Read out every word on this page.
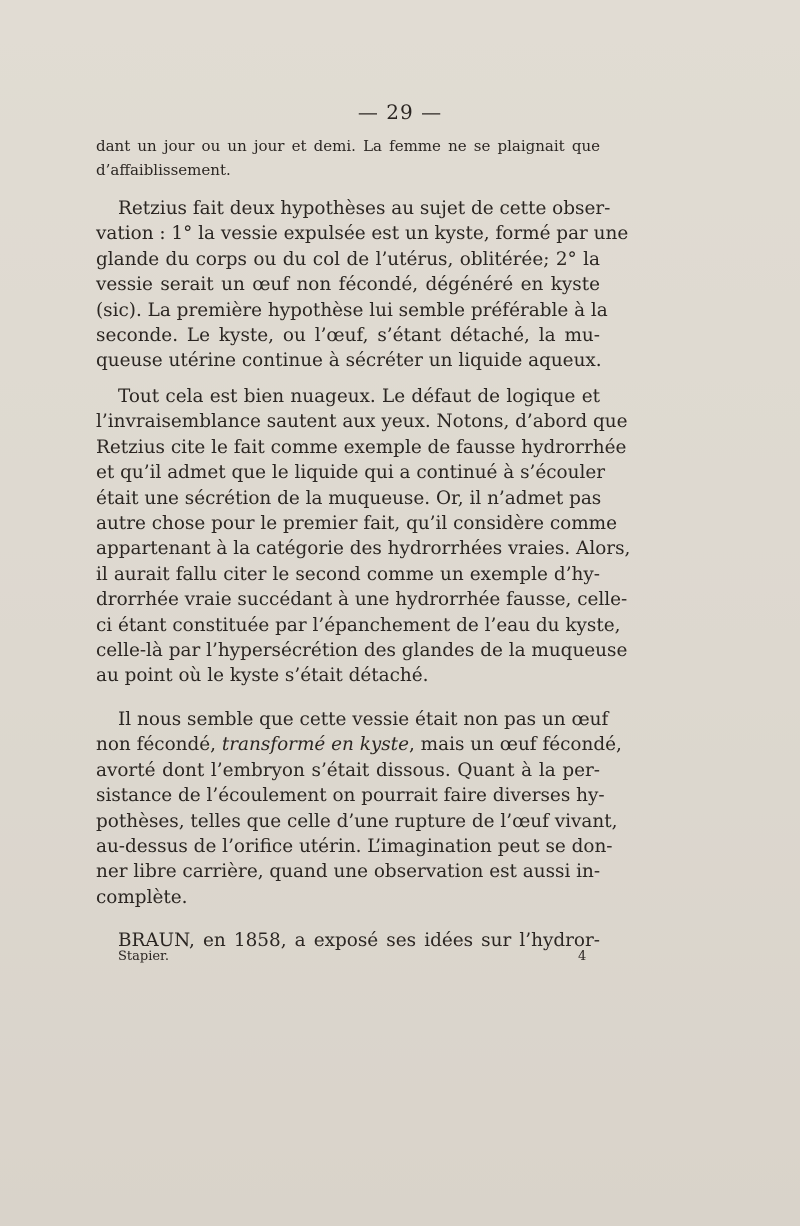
— 29 —
dant un jour ou un jour et demi. La femme ne se plaignait que
d’affaiblissement.
Retzius fait deux hypothèses au sujet de cette obser-
vation : 1° la vessie expulsée est un kyste, formé par une
glande du corps ou du col de l’utérus, oblitérée; 2° la
vessie serait un œuf non fécondé, dégénéré en kyste
(sic). La première hypothèse lui semble préférable à la
seconde. Le kyste, ou l’œuf, s’étant détaché, la mu-
queuse utérine continue à sécréter un liquide aqueux.
Tout cela est bien nuageux. Le défaut de logique et
l’invraisemblance sautent aux yeux. Notons, d’abord que
Retzius cite le fait comme exemple de fausse hydrorrhée
et qu’il admet que le liquide qui a continué à s’écouler
était une sécrétion de la muqueuse. Or, il n’admet pas
autre chose pour le premier fait, qu’il considère comme
appartenant à la catégorie des hydrorrhées vraies. Alors,
il aurait fallu citer le second comme un exemple d’hy-
drorrhée vraie succédant à une hydrorrhée fausse, celle-
ci étant constituée par l’épanchement de l’eau du kyste,
celle-là par l’hypersécrétion des glandes de la muqueuse
au point où le kyste s’était détaché.
Il nous semble que cette vessie était non pas un œuf
non fécondé, transformé en kyste, mais un œuf fécondé,
avorté dont l’embryon s’était dissous. Quant à la per-
sistance de l’écoulement on pourrait faire diverses hy-
pothèses, telles que celle d’une rupture de l’œuf vivant,
au-dessus de l’orifice utérin. L’imagination peut se don-
ner libre carrière, quand une observation est aussi in-
complète.
BRAUN, en 1858, a exposé ses idées sur l’hydror-
Stapier.	4
